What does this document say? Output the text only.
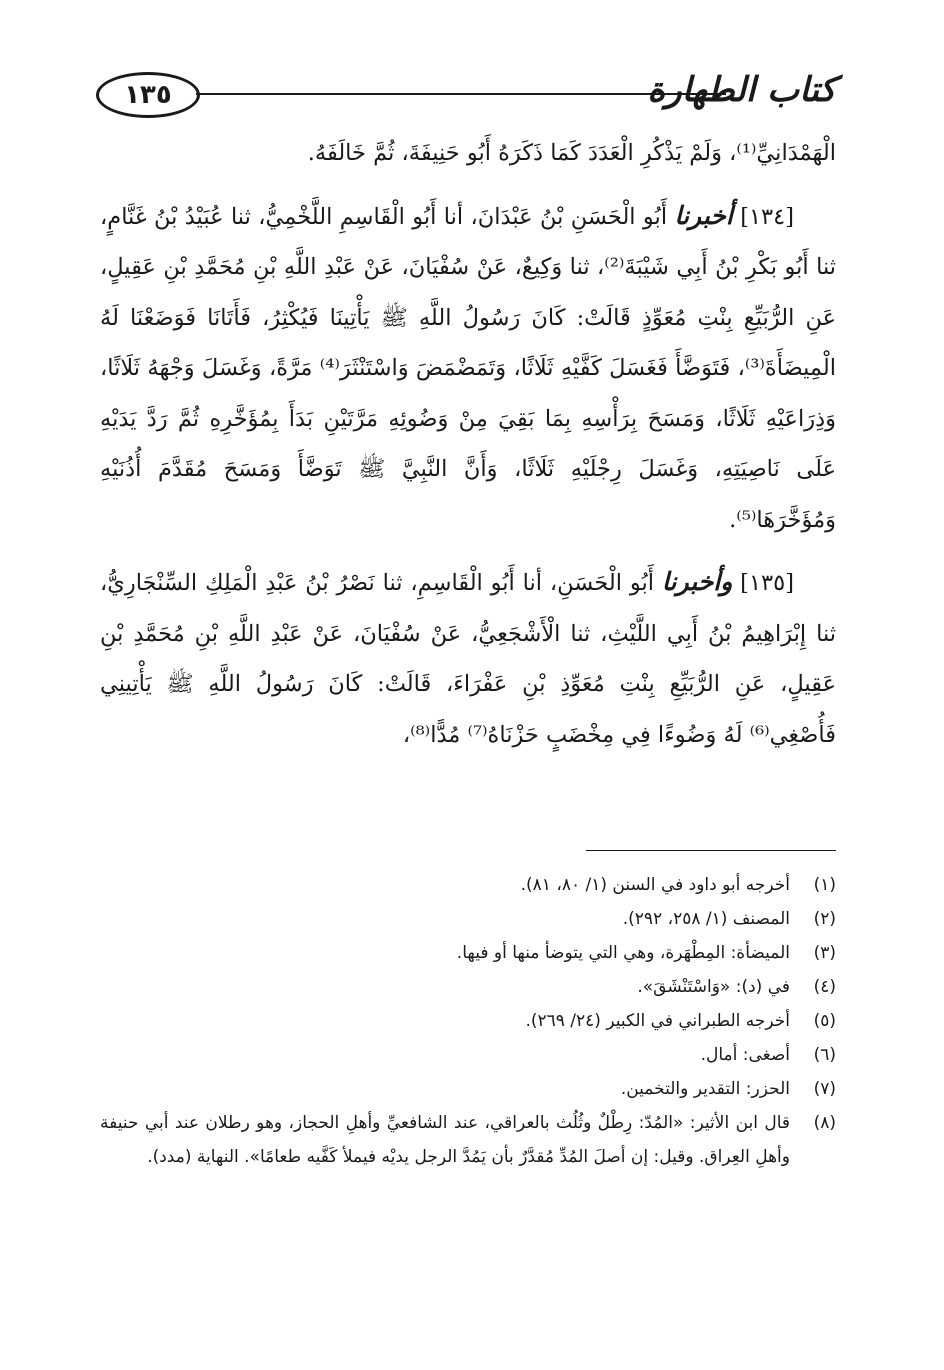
١٣٥	كتاب الطهارة

الْهَمْدَانِيِّ⁽¹⁾، وَلَمْ يَذْكُرِ الْعَدَدَ كَمَا ذَكَرَهُ أَبُو حَنِيفَةَ، ثُمَّ خَالَفَهُ.

[١٣٤] أخبرنا أَبُو الْحَسَنِ بْنُ عَبْدَانَ، أنا أَبُو الْقَاسِمِ اللَّخْمِيُّ، ثنا عُبَيْدُ بْنُ غَنَّامٍ، ثنا أَبُو بَكْرِ بْنُ أَبِي شَيْبَةَ⁽²⁾، ثنا وَكِيعٌ، عَنْ سُفْيَانَ، عَنْ عَبْدِ اللَّهِ بْنِ مُحَمَّدِ بْنِ عَقِيلٍ، عَنِ الرُّبَيِّعِ بِنْتِ مُعَوِّذٍ قَالَتْ: كَانَ رَسُولُ اللَّهِ ﷺ يَأْتِينَا فَيُكْثِرُ، فَأَتَانَا فَوَضَعْنَا لَهُ الْمِيضَأَةَ⁽³⁾، فَتَوَضَّأَ فَغَسَلَ كَفَّيْهِ ثَلَاثًا، وَتَمَضْمَضَ وَاسْتَنْثَرَ⁽⁴⁾ مَرَّةً، وَغَسَلَ وَجْهَهُ ثَلَاثًا، وَذِرَاعَيْهِ ثَلَاثًا، وَمَسَحَ بِرَأْسِهِ بِمَا بَقِيَ مِنْ وَضُوئِهِ مَرَّتَيْنِ بَدَأَ بِمُؤَخَّرِهِ ثُمَّ رَدَّ يَدَيْهِ عَلَى نَاصِيَتِهِ، وَغَسَلَ رِجْلَيْهِ ثَلَاثًا، وَأَنَّ النَّبِيَّ ﷺ تَوَضَّأَ وَمَسَحَ مُقَدَّمَ أُذُنَيْهِ وَمُؤَخَّرَهَا⁽⁵⁾.

[١٣٥] وأخبرنا أَبُو الْحَسَنِ، أنا أَبُو الْقَاسِمِ، ثنا نَصْرُ بْنُ عَبْدِ الْمَلِكِ السِّنْجَارِيُّ، ثنا إِبْرَاهِيمُ بْنُ أَبِي اللَّيْثِ، ثنا الْأَشْجَعِيُّ، عَنْ سُفْيَانَ، عَنْ عَبْدِ اللَّهِ بْنِ مُحَمَّدِ بْنِ عَقِيلٍ، عَنِ الرُّبَيِّعِ بِنْتِ مُعَوِّذِ بْنِ عَفْرَاءَ، قَالَتْ: كَانَ رَسُولُ اللَّهِ ﷺ يَأْتِينِي فَأُصْغِي⁽⁶⁾ لَهُ وَضُوءًا فِي مِخْضَبٍ حَزْنَاهُ⁽⁷⁾ مُدًّا⁽⁸⁾،

(١)
أخرجه أبو داود في السنن (١/ ٨٠، ٨١).
(٢)
المصنف (١/ ٢٥٨، ٢٩٢).
(٣)
الميضأة: المِطْهَرة، وهي التي يتوضأ منها أو فيها.
(٤)
في (د): «وَاسْتَنْشَقَ».
(٥)
أخرجه الطبراني في الكبير (٢٤/ ٢٦٩).
(٦)
أصغى: أمال.
(٧)
الحزر: التقدير والتخمين.
(٨)
قال ابن الأثير: «المُدّ: رِطْلٌ وثُلُث بالعراقي، عند الشافعيِّ وأهلِ الحجاز، وهو رطلان عند أبي حنيفة وأهلِ العِراق. وقيل: إن أصلَ المُدِّ مُقدَّرٌ بأن يَمُدَّ الرجل يديْه فيملأ كَفَّيه طعامًا». النهاية (مدد).
